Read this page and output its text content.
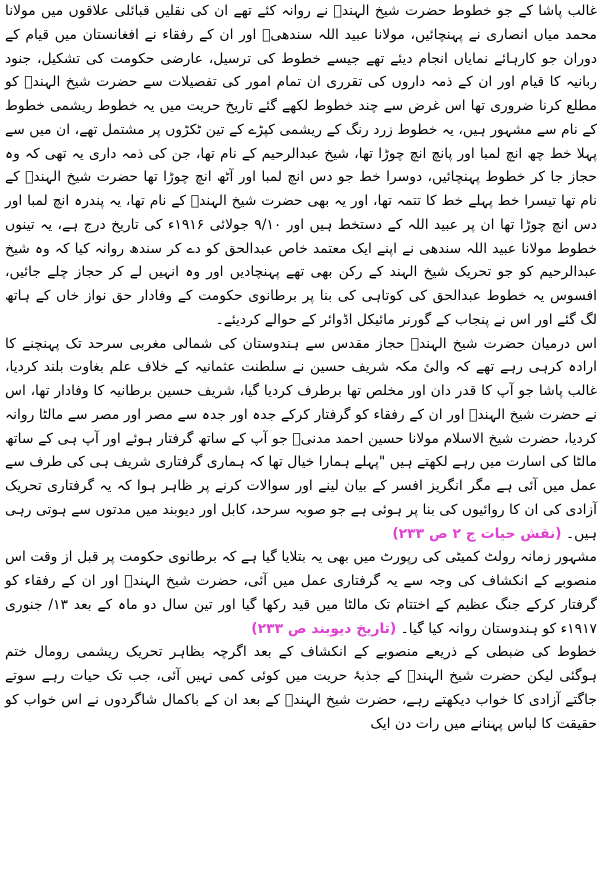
غالب پاشا کے جو خطوط حضرت شیخ الہندؒ نے روانہ کئے تھے ان کی نقلیں قبائلی علاقوں میں مولانا محمد میاں انصاری نے پہنچائیں، مولانا عبید اللہ سندھیؒ اور ان کے رفقاء نے افغانستان میں قیام کے دوران جو کارہائے نمایاں انجام دیئے تھے جیسے خطوط کی ترسیل، عارضی حکومت کی تشکیل، جنود ربانیہ کا قیام اور ان کے ذمہ داروں کی تقرری ان تمام امور کی تفصیلات سے حضرت شیخ الہندؒ کو مطلع کرنا ضروری تھا اس غرض سے چند خطوط لکھے گئے تاریخ حریت میں یہ خطوط ریشمی خطوط کے نام سے مشہور ہیں، یہ خطوط زرد رنگ کے ریشمی کپڑے کے تین ٹکڑوں پر مشتمل تھے، ان میں سے پہلا خط چھ انچ لمبا اور پانچ انچ چوڑا تھا، شیخ عبدالرحیم کے نام تھا، جن کی ذمہ داری یہ تھی کہ وہ حجاز جا کر خطوط پہنچائیں، دوسرا خط جو دس انچ لمبا اور آٹھ انچ چوڑا تھا حضرت شیخ الہندؒ کے نام تھا تیسرا خط پہلے خط کا تتمہ تھا، اور یہ بھی حضرت شیخ الہندؒ کے نام تھا، یہ پندرہ انچ لمبا اور دس انچ چوڑا تھا ان پر عبید اللہ کے دستخط ہیں اور ۹/۱۰ جولائی ۱۹۱۶ء کی تاریخ درج ہے، یہ تینوں خطوط مولانا عبید اللہ سندھی نے اپنے ایک معتمد خاص عبدالحق کو دے کر سندھ روانہ کیا کہ وہ شیخ عبدالرحیم کو جو تحریک شیخ الہند کے رکن بھی تھے پہنچادیں اور وہ انہیں لے کر حجاز چلے جائیں، افسوس یہ خطوط عبدالحق کی کوتاہی کی بنا پر برطانوی حکومت کے وفادار حق نواز خاں کے ہاتھ لگ گئے اور اس نے پنجاب کے گورنر مائیکل اڈوائر کے حوالے کردیئے۔

اس درمیان حضرت شیخ الہندؒ حجاز مقدس سے ہندوستان کی شمالی مغربی سرحد تک پہنچنے کا ارادہ کرہی رہے تھے کہ والیٔ مکہ شریف حسین نے سلطنت عثمانیہ کے خلاف علم بغاوت بلند کردیا، غالب پاشا جو آپ کا قدر دان اور مخلص تھا برطرف کردیا گیا، شریف حسین برطانیہ کا وفادار تھا، اس نے حضرت شیخ الہندؒ اور ان کے رفقاء کو گرفتار کرکے جدہ اور جدہ سے مصر اور مصر سے مالٹا روانہ کردیا، حضرت شیخ الاسلام مولانا حسین احمد مدنیؒ جو آپ کے ساتھ گرفتار ہوئے اور آپ ہی کے ساتھ مالٹا کی اسارت میں رہے لکھتے ہیں "پہلے ہمارا خیال تھا کہ ہماری گرفتاری شریف ہی کی طرف سے عمل میں آئی ہے مگر انگریز افسر کے بیان لینے اور سوالات کرنے پر ظاہر ہوا کہ یہ گرفتاری تحریک آزادی کی ان کا روائیوں کی بنا پر ہوئی ہے جو صوبہ سرحد، کابل اور دیوبند میں مدتوں سے ہوتی رہی ہیں۔ (نقش حیات ج ۲ ص ۲۳۳)

مشہور زمانہ رولٹ کمیٹی کی رپورٹ میں بھی یہ بتلایا گیا ہے کہ برطانوی حکومت پر قبل از وقت اس منصوبے کے انکشاف کی وجہ سے یہ گرفتاری عمل میں آئی، حضرت شیخ الہندؒ اور ان کے رفقاء کو گرفتار کرکے جنگ عظیم کے اختتام تک مالٹا میں قید رکھا گیا اور تین سال دو ماہ کے بعد ۱۳/ جنوری ۱۹۱۷ء کو ہندوستان روانہ کیا گیا۔ (تاریخ دیوبند ص ۲۳۳)

خطوط کی ضبطی کے ذریعے منصوبے کے انکشاف کے بعد اگرچہ بظاہر تحریک ریشمی رومال ختم ہوگئی لیکن حضرت شیخ الہندؒ کے جذبۂ حریت میں کوئی کمی نہیں آئی، جب تک حیات رہے سوتے جاگتے آزادی کا خواب دیکھتے رہے، حضرت شیخ الہندؒ کے بعد ان کے باکمال شاگردوں نے اس خواب کو حقیقت کا لباس پہنانے میں رات دن ایک
